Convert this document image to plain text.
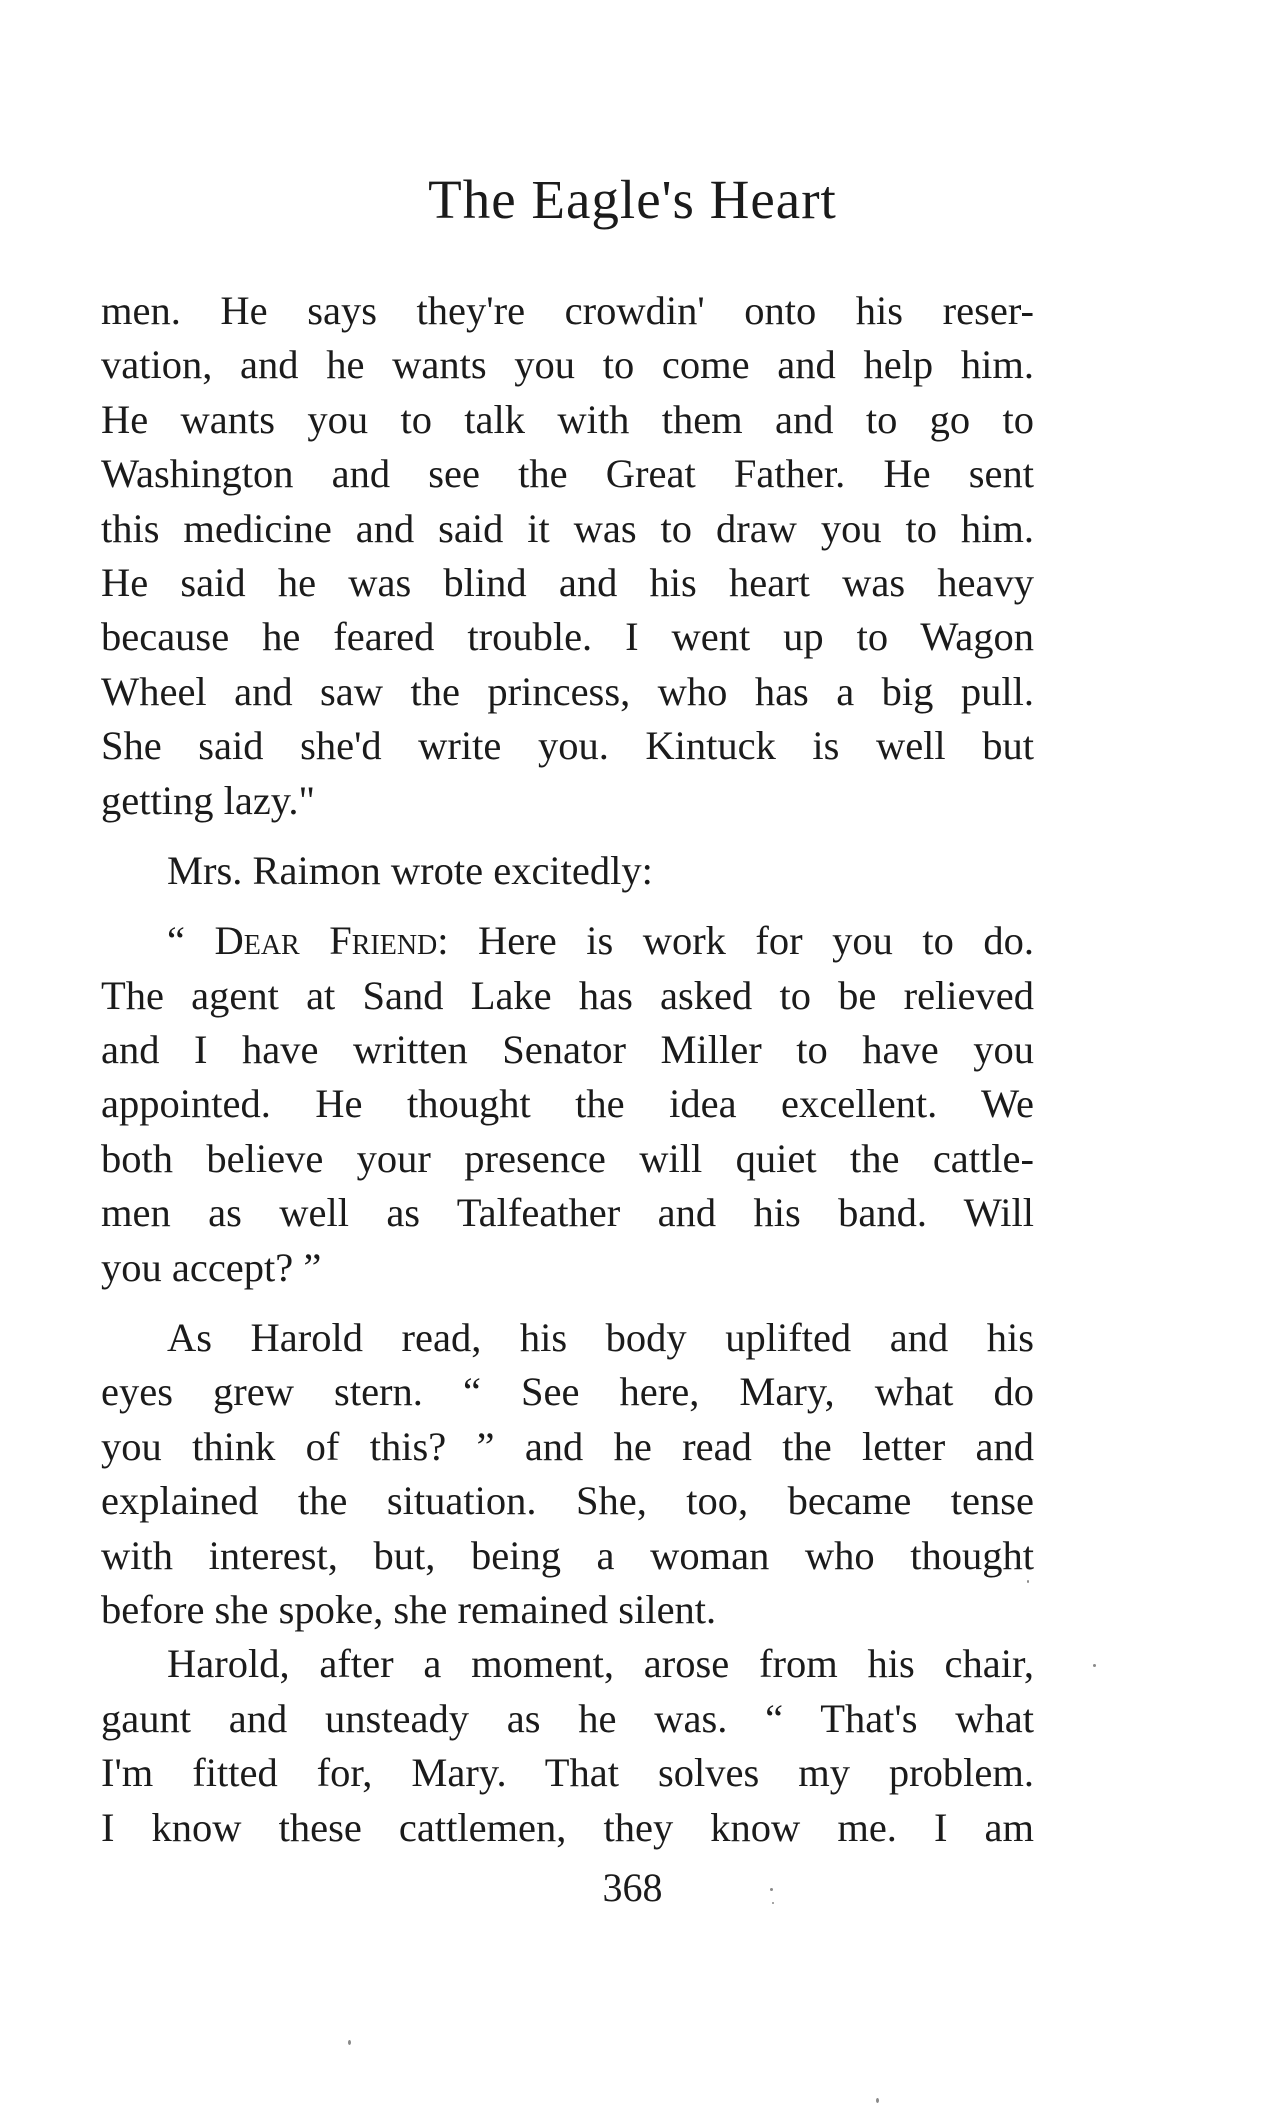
The Eagle's Heart
men. He says they're crowdin' onto his reser-
vation, and he wants you to come and help him.
He wants you to talk with them and to go to
Washington and see the Great Father. He sent
this medicine and said it was to draw you to him.
He said he was blind and his heart was heavy
because he feared trouble. I went up to Wagon
Wheel and saw the princess, who has a big pull.
She said she'd write you. Kintuck is well but
getting lazy."
Mrs. Raimon wrote excitedly:
“ Dear Friend: Here is work for you to do.
The agent at Sand Lake has asked to be relieved
and I have written Senator Miller to have you
appointed. He thought the idea excellent. We
both believe your presence will quiet the cattle-
men as well as Talfeather and his band. Will
you accept? ”
As Harold read, his body uplifted and his
eyes grew stern. “ See here, Mary, what do
you think of this? ” and he read the letter and
explained the situation. She, too, became tense
with interest, but, being a woman who thought
before she spoke, she remained silent.
Harold, after a moment, arose from his chair,
gaunt and unsteady as he was. “ That's what
I'm fitted for, Mary. That solves my problem.
I know these cattlemen, they know me. I am
368
